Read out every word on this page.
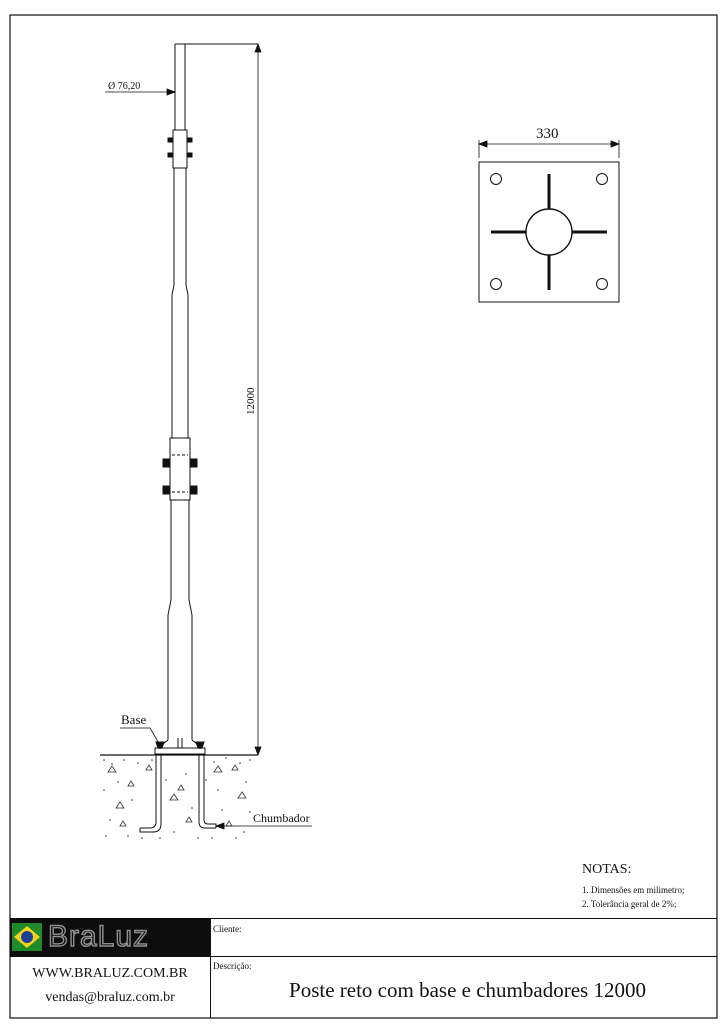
Ø 76,20
12000
Base
Chumbador
330
NOTAS:
1. Dimensões em milimetro;
2. Tolerância geral de 2%;
BraLuz	Cliente:
Descrição:
Poste reto com base e chumbadores 12000
WWW.BRALUZ.COM.BR
vendas@braluz.com.br
